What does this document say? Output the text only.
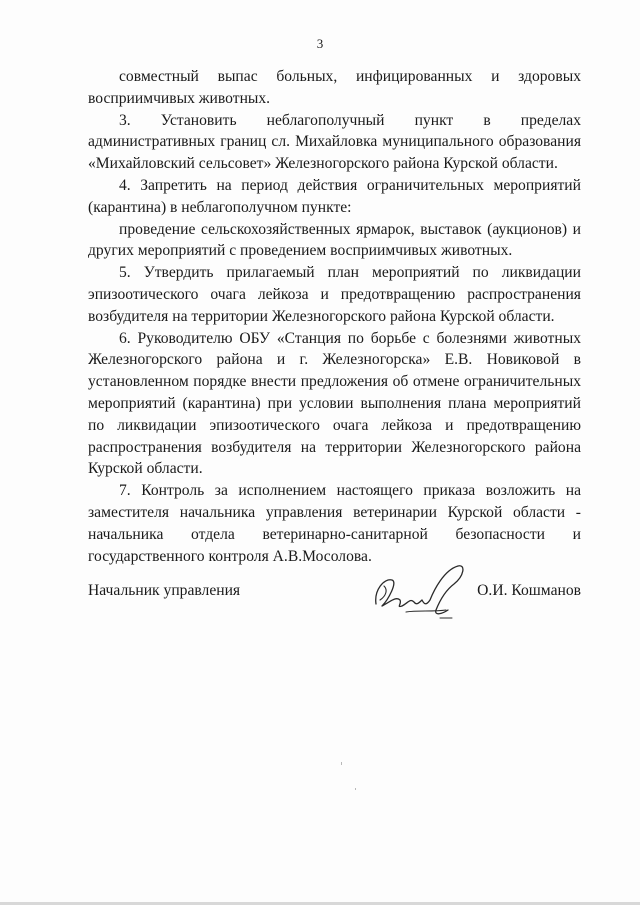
3

совместный выпас больных, инфицированных и здоровых восприимчивых животных.

3. Установить неблагополучный пункт в пределах административных границ сл. Михайловка муниципального образования «Михайловский сельсовет» Железногорского района Курской области.

4. Запретить на период действия ограничительных мероприятий (карантина) в неблагополучном пункте:

проведение сельскохозяйственных ярмарок, выставок (аукционов) и других мероприятий с проведением восприимчивых животных.

5. Утвердить прилагаемый план мероприятий по ликвидации эпизоотического очага лейкоза и предотвращению распространения возбудителя на территории Железногорского района Курской области.

6. Руководителю ОБУ «Станция по борьбе с болезнями животных Железногорского района и г. Железногорска» Е.В. Новиковой в установленном порядке внести предложения об отмене ограничительных мероприятий (карантина) при условии выполнения плана мероприятий по ликвидации эпизоотического очага лейкоза и предотвращению распространения возбудителя на территории Железногорского района Курской области.

7. Контроль за исполнением настоящего приказа возложить на заместителя начальника управления ветеринарии Курской области - начальника отдела ветеринарно-санитарной безопасности и государственного контроля А.В.Мосолова.

Начальник управления	О.И. Кошманов
